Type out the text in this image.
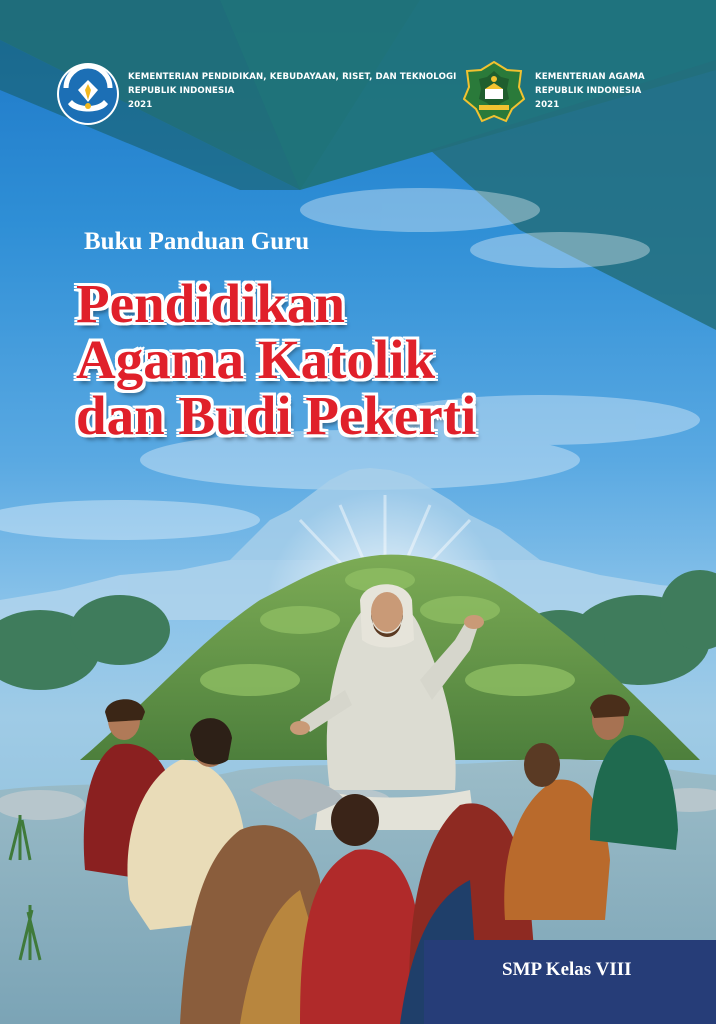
KEMENTERIAN PENDIDIKAN, KEBUDAYAAN, RISET, DAN TEKNOLOGI
REPUBLIK INDONESIA
2021
KEMENTERIAN AGAMA
REPUBLIK INDONESIA
2021
Buku Panduan Guru
Pendidikan
Agama Katolik
dan Budi Pekerti
SMP Kelas VIII
